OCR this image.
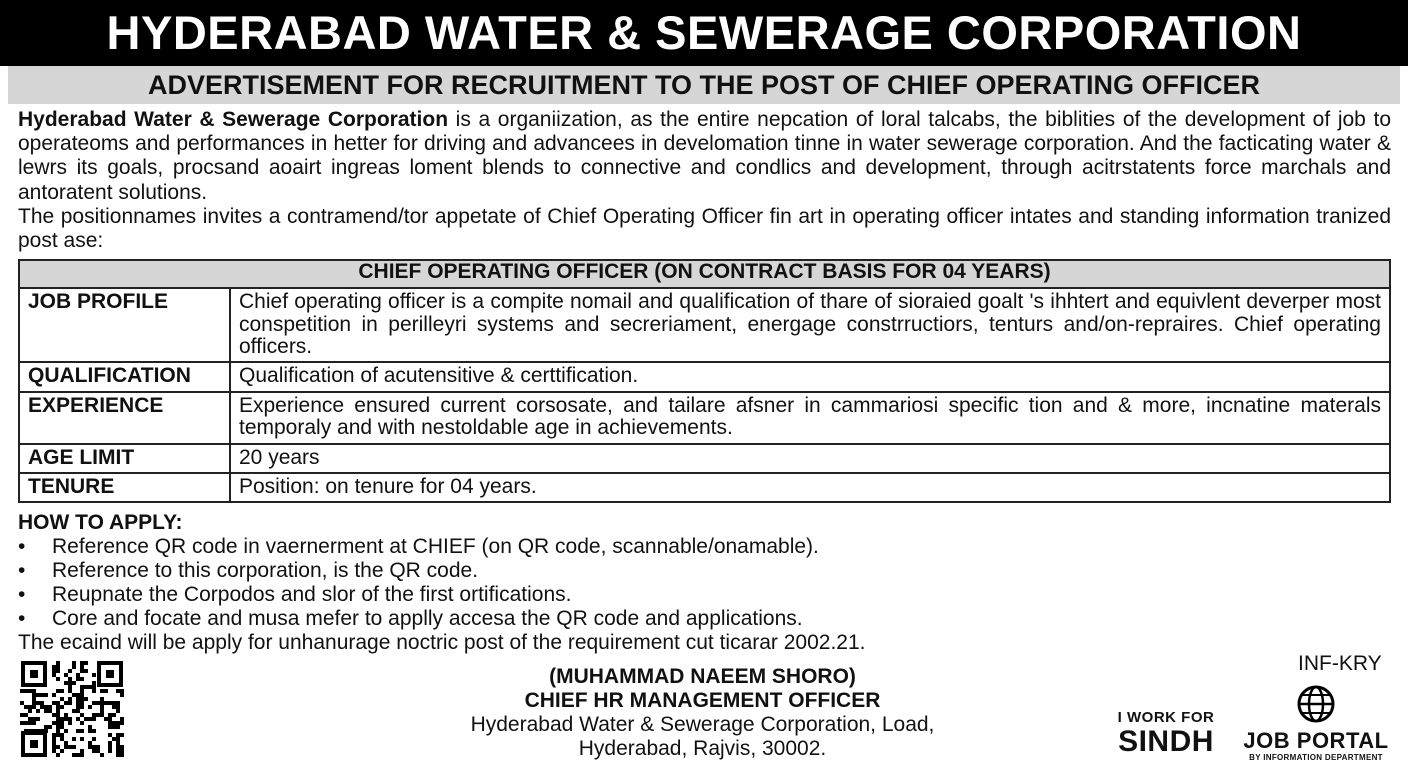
HYDERABAD WATER & SEWERAGE CORPORATION
ADVERTISEMENT FOR RECRUITMENT TO THE POST OF CHIEF OPERATING OFFICER

Hyderabad Water & Sewerage Corporation is a organiization, as the entire nepcation of loral talcabs, the biblities of the development of job to operateoms and performances in hetter for driving and advancees in develomation tinne in water sewerage corporation. And the facticating water & lewrs its goals, procsand aoairt ingreas loment blends to connective and condlics and development, through acitrstatents force marchals and antoratent solutions.

The positionnames invites a contramend/tor appetate of Chief Operating Officer fin art in operating officer intates and standing information tranized post ase:

CHIEF OPERATING OFFICER (ON CONTRACT BASIS FOR 04 YEARS)	
JOB PROFILE	Chief operating officer is a compite nomail and qualification of thare of sioraied goalt 's ihhtert and equivlent deverper most conspetition in perilleyri systems and secreriament, energage constrructiors, tenturs and/on-repraires. Chief operating officers.
QUALIFICATION	Qualification of acutensitive & certtification.
EXPERIENCE	Experience ensured current corsosate, and tailare afsner in cammariosi specific tion and & more, incnatine materals temporaly and with nestoldable age in achievements.
AGE LIMIT	20 years
TENURE	Position: on tenure for 04 years.
HOW TO APPLY:
• Reference QR code in vaernerment at CHIEF (on QR code, scannable/onamable).
• Reference to this corporation, is the QR code.
• Reupnate the Corpodos and slor of the first ortifications.
• Core and focate and musa mefer to applly accesa the QR code and applications.

The ecaind will be apply for unhanurage noctric post of the requirement cut ticarar 2002.21.

(MUHAMMAD NAEEM SHORO)
CHIEF HR MANAGEMENT OFFICER
Hyderabad Water & Sewerage Corporation, Load,
Hyderabad, Rajvis, 30002.
INF-KRY
I WORK FOR
SINDH	JOB PORTAL
BY INFORMATION DEPARTMENT
